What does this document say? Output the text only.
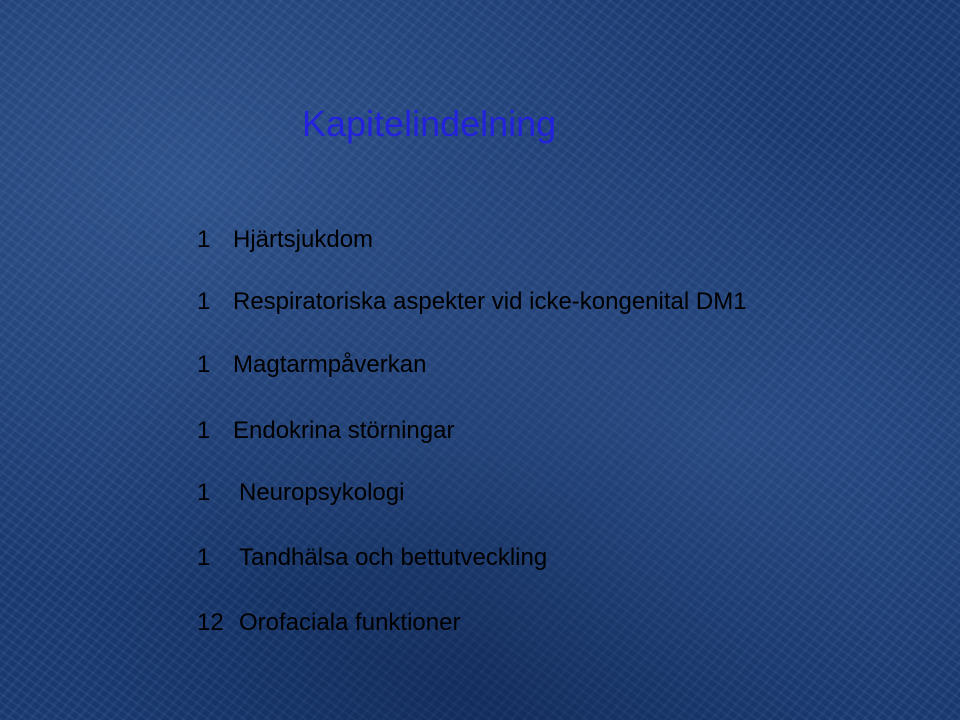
Kapitelindelning
1 Hjärtsjukdom
1 Respiratoriska aspekter vid icke-kongenital DM1
1 Magtarmpåverkan
1 Endokrina störningar
1 Neuropsykologi
1 Tandhälsa och bettutveckling
12 Orofaciala funktioner
